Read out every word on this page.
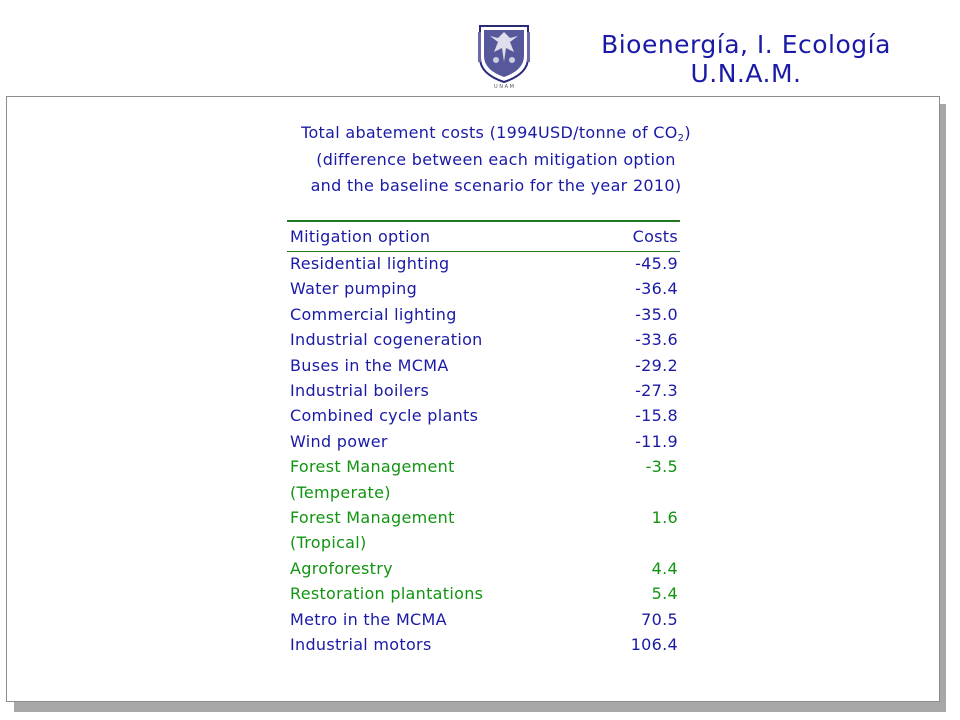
U N A M
Bioenergía, I. Ecología
U.N.A.M.
Total abatement costs (1994USD/tonne of $CO_2$)
(difference between each mitigation option
and the baseline scenario for the year 2010)
Mitigation option	Costs
Residential lighting	-45.9
Water pumping	-36.4
Commercial lighting	-35.0
Industrial cogeneration	-33.6
Buses in the MCMA	-29.2
Industrial boilers	-27.3
Combined cycle plants	-15.8
Wind power	-11.9
Forest Management	-3.5
(Temperate)
Forest Management	1.6
(Tropical)
Agroforestry	4.4
Restoration plantations	5.4
Metro in the MCMA	70.5
Industrial motors	106.4
